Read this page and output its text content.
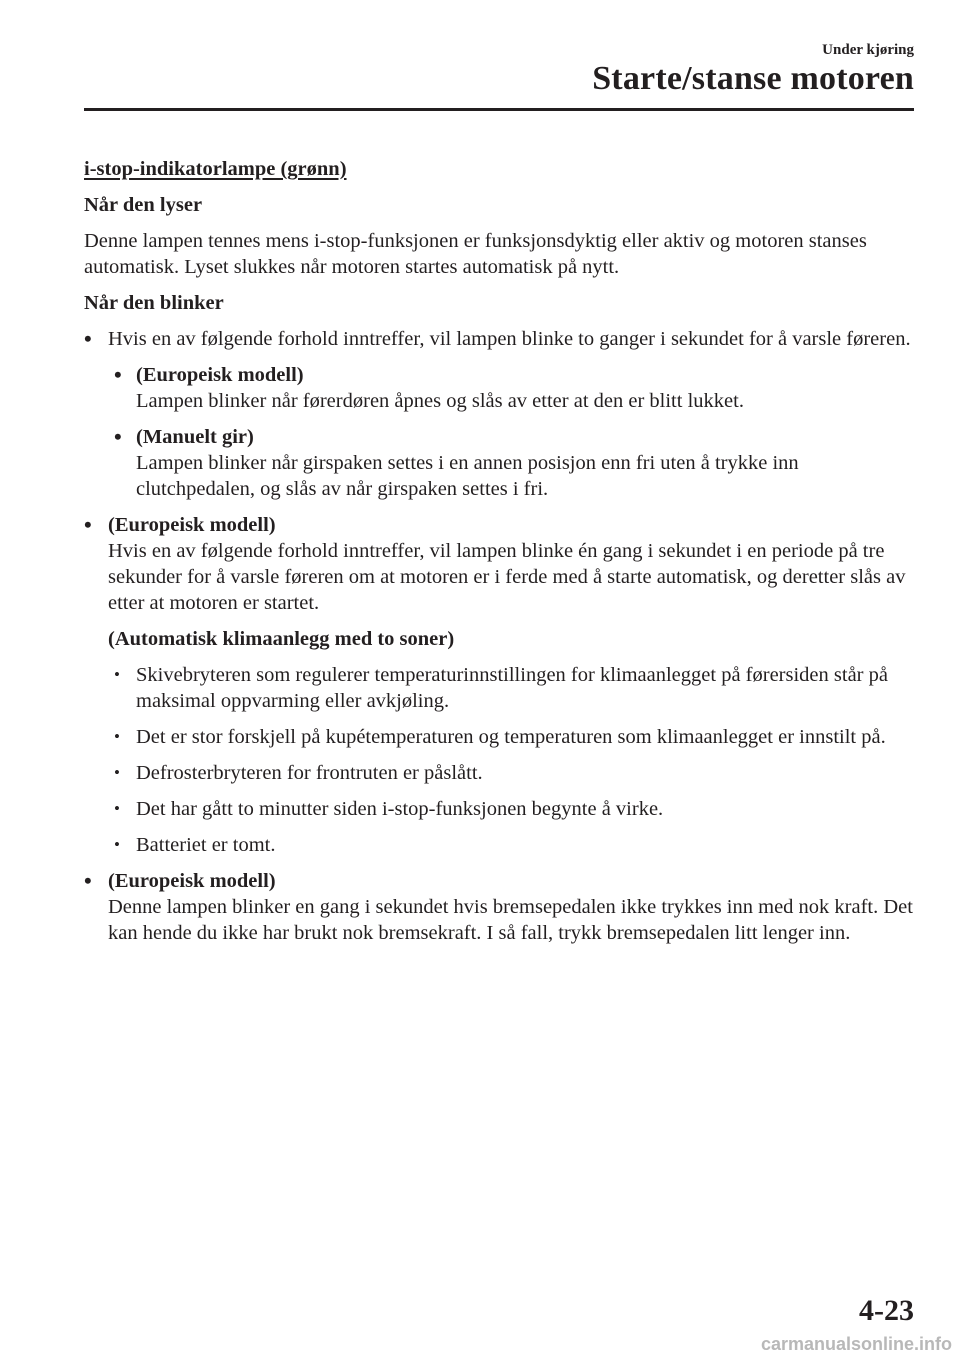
Under kjøring
Starte/stanse motoren

i-stop-indikatorlampe (grønn)

Når den lyser

Denne lampen tennes mens i-stop-funksjonen er funksjonsdyktig eller aktiv og motoren stanses automatisk. Lyset slukkes når motoren startes automatisk på nytt.

Når den blinker

• Hvis en av følgende forhold inntreffer, vil lampen blinke to ganger i sekundet for å varsle føreren.
• (Europeisk modell)
Lampen blinker når førerdøren åpnes og slås av etter at den er blitt lukket.
• (Manuelt gir)
Lampen blinker når girspaken settes i en annen posisjon enn fri uten å trykke inn clutchpedalen, og slås av når girspaken settes i fri.
• (Europeisk modell)
Hvis en av følgende forhold inntreffer, vil lampen blinke én gang i sekundet i en periode på tre sekunder for å varsle føreren om at motoren er i ferde med å starte automatisk, og deretter slås av etter at motoren er startet.

(Automatisk klimaanlegg med to soner)

• Skivebryteren som regulerer temperaturinnstillingen for klimaanlegget på førersiden står på maksimal oppvarming eller avkjøling.
• Det er stor forskjell på kupétemperaturen og temperaturen som klimaanlegget er innstilt på.
• Defrosterbryteren for frontruten er påslått.
• Det har gått to minutter siden i-stop-funksjonen begynte å virke.
• Batteriet er tomt.
• (Europeisk modell)
Denne lampen blinker en gang i sekundet hvis bremsepedalen ikke trykkes inn med nok kraft. Det kan hende du ikke har brukt nok bremsekraft. I så fall, trykk bremsepedalen litt lenger inn.
4-23
carmanualsonline.info
